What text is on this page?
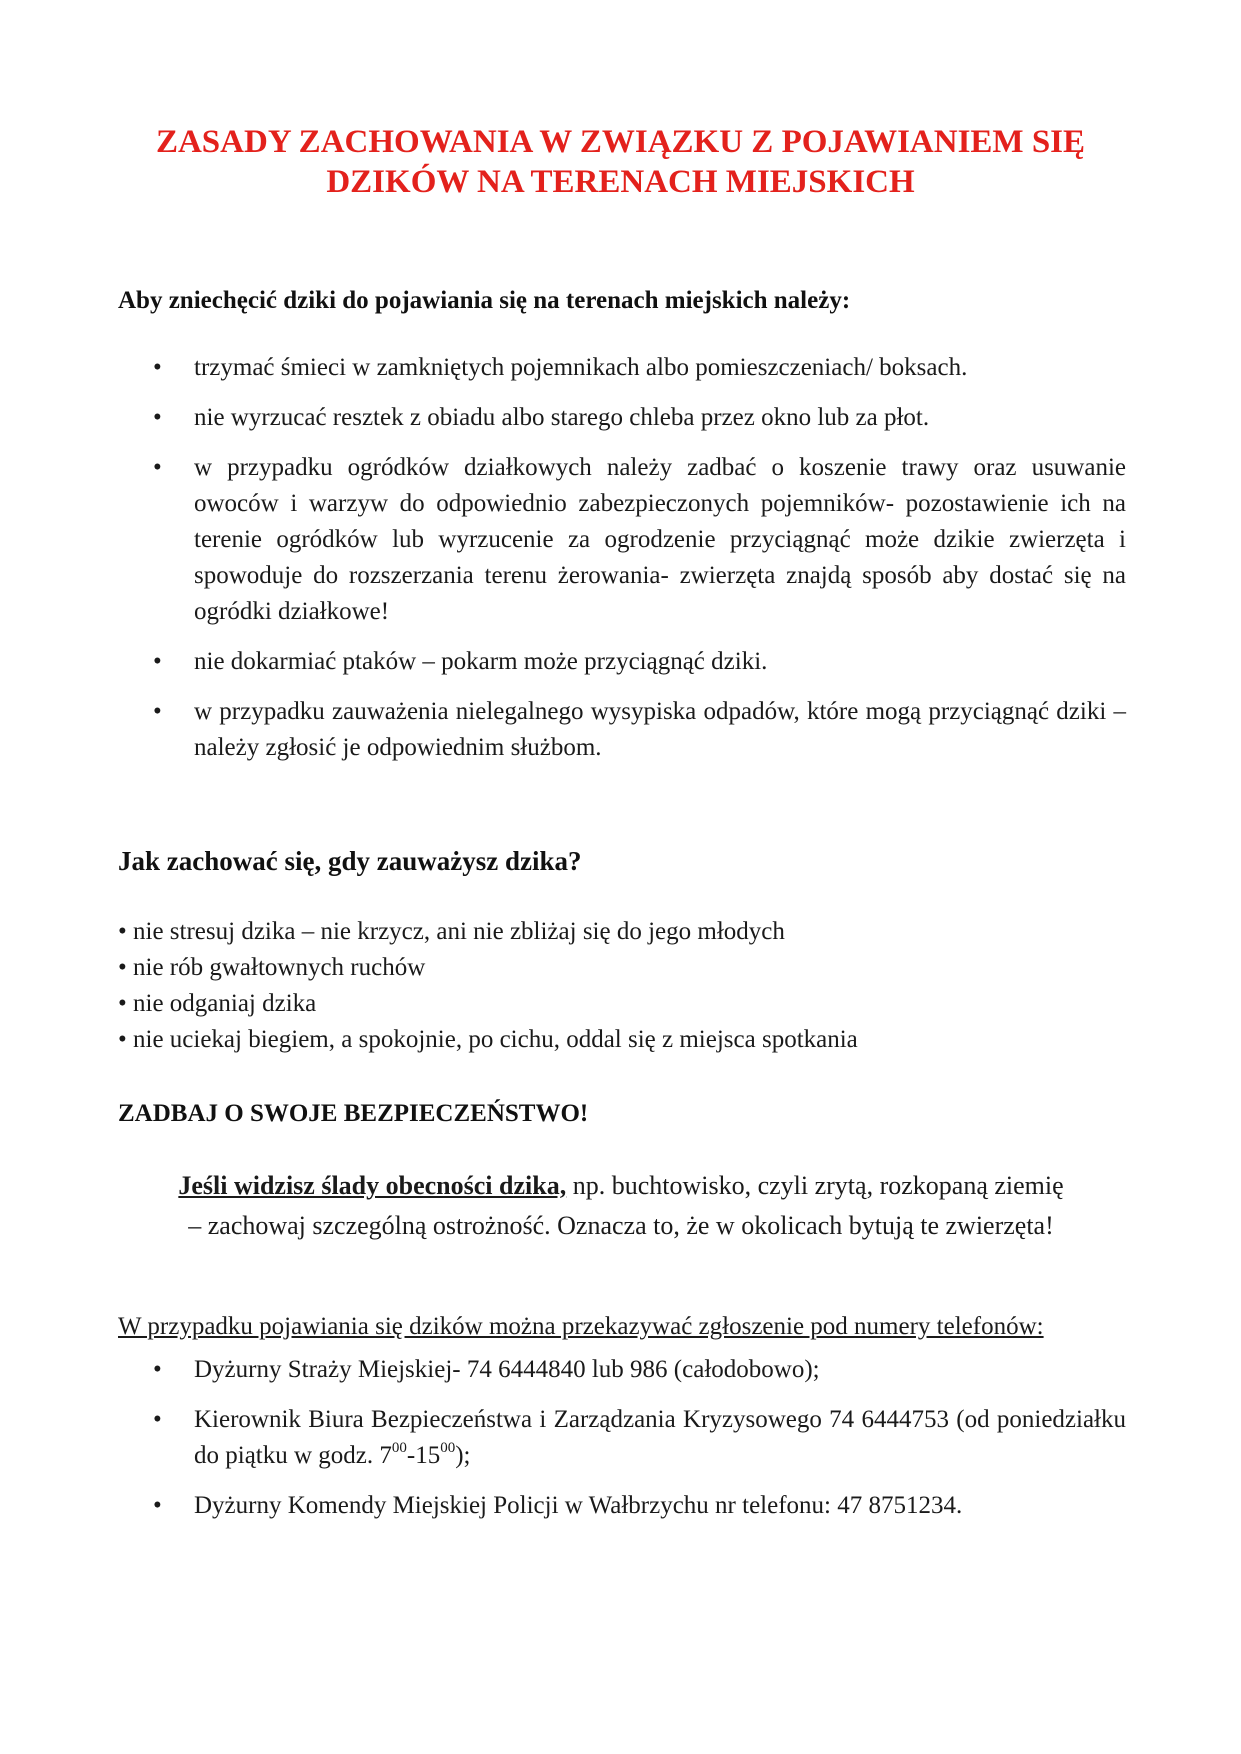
ZASADY ZACHOWANIA W ZWIĄZKU Z POJAWIANIEM SIĘ
DZIKÓW NA TERENACH MIEJSKICH
Aby zniechęcić dziki do pojawiania się na terenach miejskich należy:
• trzymać śmieci w zamkniętych pojemnikach albo pomieszczeniach/ boksach.
• nie wyrzucać resztek z obiadu albo starego chleba przez okno lub za płot.
• w przypadku ogródków działkowych należy zadbać o koszenie trawy oraz usuwanie owoców i warzyw do odpowiednio zabezpieczonych pojemników- pozostawienie ich na terenie ogródków lub wyrzucenie za ogrodzenie przyciągnąć może dzikie zwierzęta i spowoduje do rozszerzania terenu żerowania- zwierzęta znajdą sposób aby dostać się na ogródki działkowe!
• nie dokarmiać ptaków – pokarm może przyciągnąć dziki.
• w przypadku zauważenia nielegalnego wysypiska odpadów, które mogą przyciągnąć dziki – należy zgłosić je odpowiednim służbom.
Jak zachować się, gdy zauważysz dzika?
• nie stresuj dzika – nie krzycz, ani nie zbliżaj się do jego młodych
• nie rób gwałtownych ruchów
• nie odganiaj dzika
• nie uciekaj biegiem, a spokojnie, po cichu, oddal się z miejsca spotkania
ZADBAJ O SWOJE BEZPIECZEŃSTWO!
Jeśli widzisz ślady obecności dzika, np. buchtowisko, czyli zrytą, rozkopaną ziemię
– zachowaj szczególną ostrożność. Oznacza to, że w okolicach bytują te zwierzęta!
W przypadku pojawiania się dzików można przekazywać zgłoszenie pod numery telefonów:
• Dyżurny Straży Miejskiej- 74 6444840 lub 986 (całodobowo);
• Kierownik Biura Bezpieczeństwa i Zarządzania Kryzysowego 74 6444753 (od poniedziałku do piątku w godz. $7^{00}-15^{00}$);
• Dyżurny Komendy Miejskiej Policji w Wałbrzychu nr telefonu: 47 8751234.
